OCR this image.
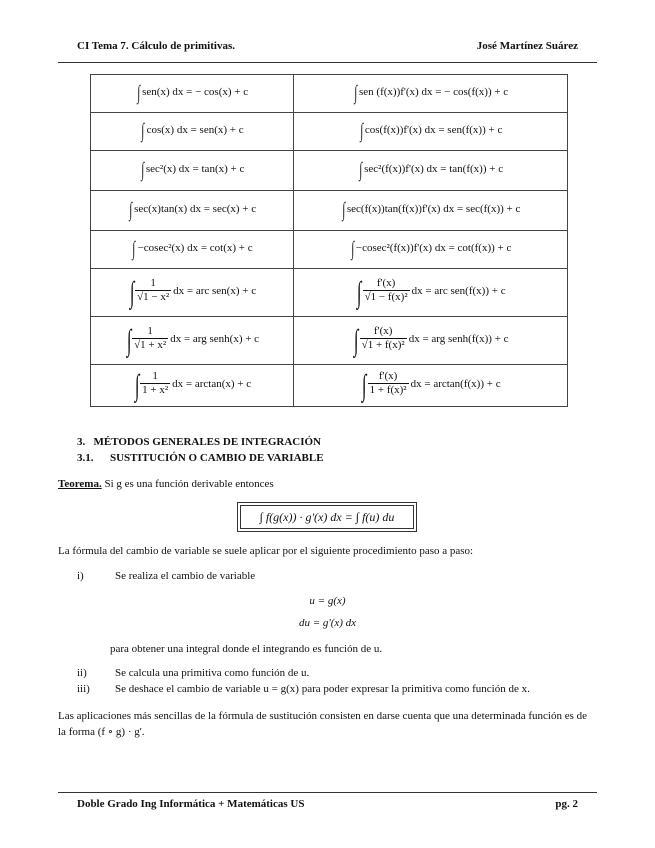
CI Tema 7. Cálculo de primitivas.	José Martínez Suárez
∫ sen(x) dx = − cos(x) + c	∫ sen (f(x))f'(x) dx = − cos(f(x)) + c
∫ cos(x) dx = sen(x) + c	∫ cos(f(x))f'(x) dx = sen(f(x)) + c
∫ sec²(x) dx = tan(x) + c	∫ sec²(f(x))f'(x) dx = tan(f(x)) + c
∫ sec(x)tan(x) dx = sec(x) + c	∫ sec(f(x))tan(f(x))f'(x) dx = sec(f(x)) + c
∫ −cosec²(x) dx = cot(x) + c	∫ −cosec²(f(x))f'(x) dx = cot(f(x)) + c
∫ $\frac{1}{\text{√1 − x²}}$ dx = arc sen(x) + c	∫ $\frac{f'(x)}{\text{√1 − f(x)²}}$ dx = arc sen(f(x)) + c
∫ $\frac{1}{\text{√1 + x²}}$ dx = arg senh(x) + c	∫ $\frac{f'(x)}{\text{√1 + f(x)²}}$ dx = arg senh(f(x)) + c
∫ $\frac{1}{\text{1 + x²}}$ dx = arctan(x) + c	∫ $\frac{f'(x)}{\text{1 + f(x)²}}$ dx = arctan(f(x)) + c
3.   MÉTODOS GENERALES DE INTEGRACIÓN
3.1.      SUSTITUCIÓN O CAMBIO DE VARIABLE
Teorema. Si g es una función derivable entonces
∫ f(g(x)) · g'(x) dx = ∫ f(u) du
La fórmula del cambio de variable se suele aplicar por el siguiente procedimiento paso a paso:
i)	Se realiza el cambio de variable
u = g(x)
du = g'(x) dx
para obtener una integral donde el integrando es función de u.
ii)	Se calcula una primitiva como función de u.
iii) Se deshace el cambio de variable u = g(x) para poder expresar la primitiva como función de x.
Las aplicaciones más sencillas de la fórmula de sustitución consisten en darse cuenta que una determinada función es de la forma (f ∘ g) · g'.
Doble Grado Ing Informática + Matemáticas US	pg. 2
